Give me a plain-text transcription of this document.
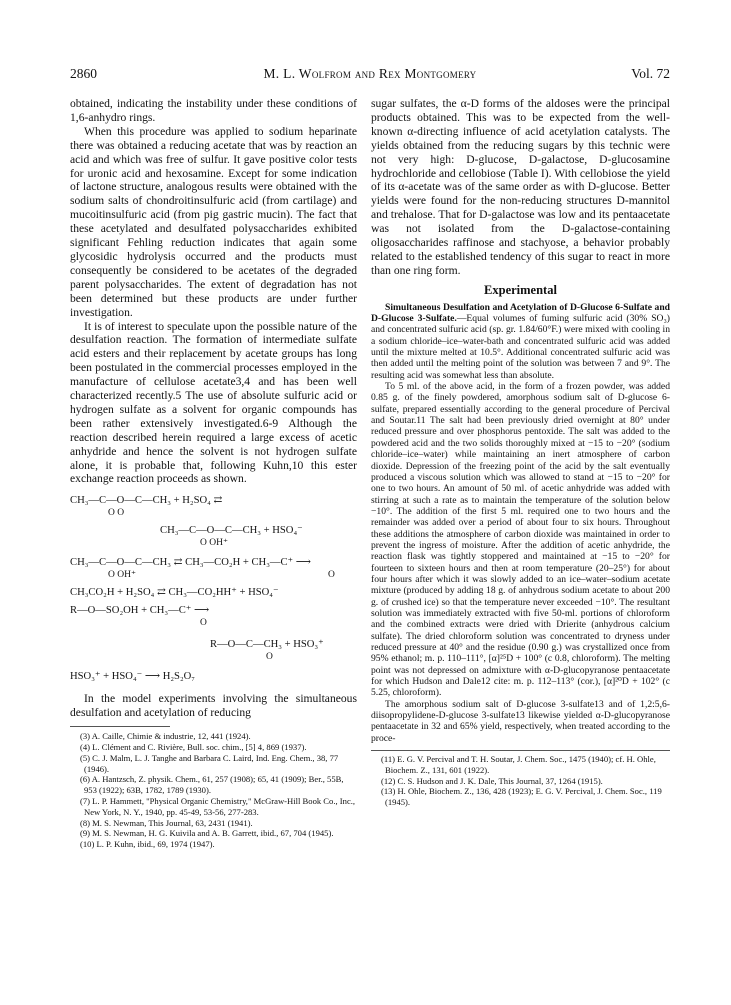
2860	M. L. Wolfrom and Rex Montgomery	Vol. 72

obtained, indicating the instability under these conditions of 1,6-anhydro rings.

When this procedure was applied to sodium heparinate there was obtained a reducing acetate that was by reaction an acid and which was free of sulfur. It gave positive color tests for uronic acid and hexosamine. Except for some indication of lactone structure, analogous results were obtained with the sodium salts of chondroitinsulfuric acid (from cartilage) and mucoitinsulfuric acid (from pig gastric mucin). The fact that these acetylated and desulfated polysaccharides exhibited significant Fehling reduction indicates that again some glycosidic hydrolysis occurred and the products must consequently be considered to be acetates of the degraded parent polysaccharides. The extent of degradation has not been determined but these products are under further investigation.

It is of interest to speculate upon the possible nature of the desulfation reaction. The formation of intermediate sulfate acid esters and their replacement by acetate groups has long been postulated in the commercial processes employed in the manufacture of cellulose acetate3,4 and has been well characterized recently.5 The use of absolute sulfuric acid or hydrogen sulfate as a solvent for organic compounds has been rather extensively investigated.6-9 Although the reaction described herein required a large excess of acetic anhydride and hence the solvent is not hydrogen sulfate alone, it is probable that, following Kuhn,10 this ester exchange reaction proceeds as shown.

CH₃—C—O—C—CH₃ + H₂SO₄ ⇄
O O
CH₃—C—O—C—CH₃ + HSO₄⁻
O OH⁺
CH₃—C—O—C—CH₃ ⇄ CH₃—CO₂H + CH₃—C⁺ ⟶
O OH⁺	O
CH₃CO₂H + H₂SO₄ ⇄ CH₃—CO₂HH⁺ + HSO₄⁻
R—O—SO₂OH + CH₃—C⁺ ⟶
O
R—O—C—CH₃ + HSO₃⁺
O
HSO₃⁺ + HSO₄⁻ ⟶ H₂S₂O₇

In the model experiments involving the simultaneous desulfation and acetylation of reducing

(3) A. Caille, Chimie & industrie, 12, 441 (1924).

(4) L. Clément and C. Rivière, Bull. soc. chim., [5] 4, 869 (1937).

(5) C. J. Malm, L. J. Tanghe and Barbara C. Laird, Ind. Eng. Chem., 38, 77 (1946).

(6) A. Hantzsch, Z. physik. Chem., 61, 257 (1908); 65, 41 (1909); Ber., 55B, 953 (1922); 63B, 1782, 1789 (1930).

(7) L. P. Hammett, "Physical Organic Chemistry," McGraw-Hill Book Co., Inc., New York, N. Y., 1940, pp. 45-49, 53-56, 277-283.

(8) M. S. Newman, This Journal, 63, 2431 (1941).

(9) M. S. Newman, H. G. Kuivila and A. B. Garrett, ibid., 67, 704 (1945).

(10) L. P. Kuhn, ibid., 69, 1974 (1947).

sugar sulfates, the α-D forms of the aldoses were the principal products obtained. This was to be expected from the well-known α-directing influence of acid acetylation catalysts. The yields obtained from the reducing sugars by this technic were not very high: D-glucose, D-galactose, D-glucosamine hydrochloride and cellobiose (Table I). With cellobiose the yield of its α-acetate was of the same order as with D-glucose. Better yields were found for the non-reducing structures D-mannitol and trehalose. That for D-galactose was low and its pentaacetate was not isolated from the D-galactose-containing oligosaccharides raffinose and stachyose, a behavior probably related to the established tendency of this sugar to react in more than one ring form.

Experimental

Simultaneous Desulfation and Acetylation of D-Glucose 6-Sulfate and D-Glucose 3-Sulfate.—Equal volumes of fuming sulfuric acid (30% SO₃) and concentrated sulfuric acid (sp. gr. 1.84/60°F.) were mixed with cooling in a sodium chloride–ice–water-bath and concentrated sulfuric acid was added until the mixture melted at 10.5°. Additional concentrated sulfuric acid was then added until the melting point of the solution was between 7 and 9°. The resulting acid was somewhat less than absolute.

To 5 ml. of the above acid, in the form of a frozen powder, was added 0.85 g. of the finely powdered, amorphous sodium salt of D-glucose 6-sulfate, prepared essentially according to the general procedure of Percival and Soutar.11 The salt had been previously dried overnight at 80° under reduced pressure and over phosphorus pentoxide. The salt was added to the powdered acid and the two solids thoroughly mixed at −15 to −20° (sodium chloride–ice–water) while maintaining an inert atmosphere of carbon dioxide. Depression of the freezing point of the acid by the salt eventually produced a viscous solution which was allowed to stand at −15 to −20° for one to two hours. An amount of 50 ml. of acetic anhydride was added with stirring at such a rate as to maintain the temperature of the solution below −10°. The addition of the first 5 ml. required one to two hours and the remainder was added over a period of about four to six hours. Throughout these additions the atmosphere of carbon dioxide was maintained in order to prevent the ingress of moisture. After the addition of acetic anhydride, the reaction flask was tightly stoppered and maintained at −15 to −20° for fourteen to sixteen hours and then at room temperature (20–25°) for about four hours after which it was slowly added to an ice–water–sodium acetate mixture (produced by adding 18 g. of anhydrous sodium acetate to about 200 g. of crushed ice) so that the temperature never exceeded −10°. The resultant solution was immediately extracted with five 50-ml. portions of chloroform and the combined extracts were dried with Drierite (anhydrous calcium sulfate). The dried chloroform solution was concentrated to dryness under reduced pressure at 40° and the residue (0.90 g.) was crystallized once from 95% ethanol; m. p. 110–111°, [α]²⁵D + 100° (c 0.8, chloroform). The melting point was not depressed on admixture with α-D-glucopyranose pentaacetate for which Hudson and Dale12 cite: m. p. 112–113° (cor.), [α]²⁰D + 102° (c 5.25, chloroform).

The amorphous sodium salt of D-glucose 3-sulfate13 and of 1,2:5,6-diisopropylidene-D-glucose 3-sulfate13 likewise yielded α-D-glucopyranose pentaacetate in 32 and 65% yield, respectively, when treated according to the proce-

(11) E. G. V. Percival and T. H. Soutar, J. Chem. Soc., 1475 (1940); cf. H. Ohle, Biochem. Z., 131, 601 (1922).

(12) C. S. Hudson and J. K. Dale, This Journal, 37, 1264 (1915).

(13) H. Ohle, Biochem. Z., 136, 428 (1923); E. G. V. Percival, J. Chem. Soc., 119 (1945).
